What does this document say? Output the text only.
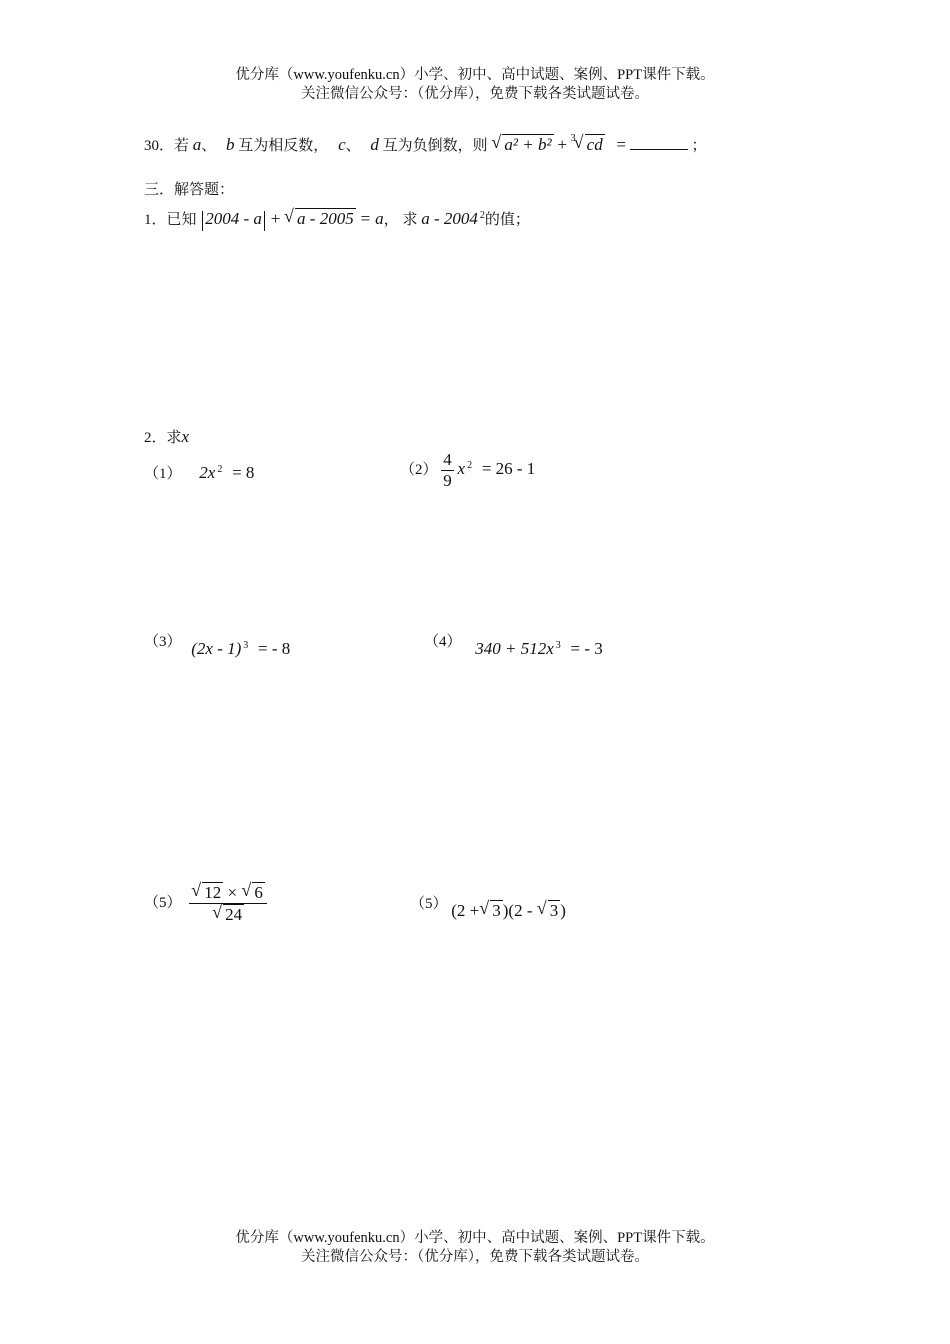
优分库（www.youfenku.cn）小学、初中、高中试题、案例、PPT课件下载。
关注微信公众号：（优分库），免费下载各类试题试卷。
30．若 a、 b 互为相反数， c、 d 互为负倒数，则 √ a² + b² + $^3$ √ cd =	；
三．解答题：
1．已知 2004 - a + √ a - 2005 = a， 求 a - 2004 $^2$的值；
2．求x
（1） 2x $^2$ = 8	$(2) \frac{4}{9}$ x $^2$ = 26 - 1
（3） (2x - 1) $^3$ = - 8	（4） 340 + 512x $^3$ = - 3
（5） √ 12 × √ 6
√ 24	（5） (2 + √ 3 )(2 - √ 3 )
优分库（www.youfenku.cn）小学、初中、高中试题、案例、PPT课件下载。
关注微信公众号：（优分库），免费下载各类试题试卷。
